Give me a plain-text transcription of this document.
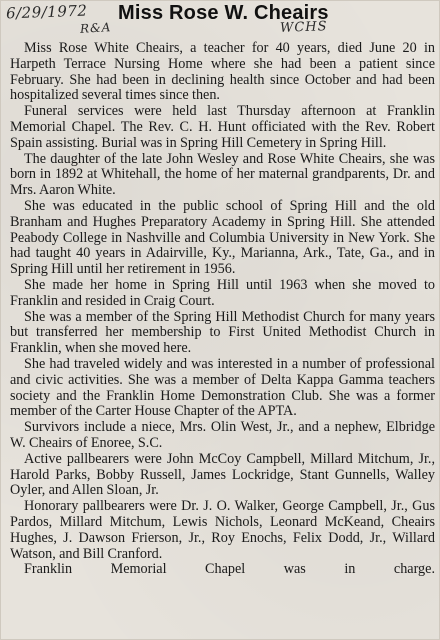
6/29/1972
R&A	WCHS
Miss Rose W. Cheairs

Miss Rose White Cheairs, a teacher for 40 years, died June 20 in Harpeth Terrace Nursing Home where she had been a patient since February. She had been in declining health since October and had been hospitalized several times since then.

Funeral services were held last Thursday afternoon at Franklin Memorial Chapel. The Rev. C. H. Hunt officiated with the Rev. Robert Spain assisting. Burial was in Spring Hill Cemetery in Spring Hill.

The daughter of the late John Wesley and Rose White Cheairs, she was born in 1892 at Whitehall, the home of her maternal grandparents, Dr. and Mrs. Aaron White.

She was educated in the public school of Spring Hill and the old Branham and Hughes Preparatory Academy in Spring Hill. She attended Peabody College in Nashville and Columbia University in New York. She had taught 40 years in Adairville, Ky., Marianna, Ark., Tate, Ga., and in Spring Hill until her retirement in 1956.

She made her home in Spring Hill until 1963 when she moved to Franklin and resided in Craig Court.

She was a member of the Spring Hill Methodist Church for many years but transferred her membership to First United Methodist Church in Franklin, when she moved here.

She had traveled widely and was interested in a number of professional and civic activities. She was a member of Delta Kappa Gamma teachers society and the Franklin Home Demonstration Club. She was a former member of the Carter House Chapter of the APTA.

Survivors include a niece, Mrs. Olin West, Jr., and a nephew, Elbridge W. Cheairs of Enoree, S.C.

Active pallbearers were John McCoy Campbell, Millard Mitchum, Jr., Harold Parks, Bobby Russell, James Lockridge, Stant Gunnells, Walley Oyler, and Allen Sloan, Jr.

Honorary pallbearers were Dr. J. O. Walker, George Campbell, Jr., Gus Pardos, Millard Mitchum, Lewis Nichols, Leonard McKeand, Cheairs Hughes, J. Dawson Frierson, Jr., Roy Enochs, Felix Dodd, Jr., Willard Watson, and Bill Cranford.

Franklin Memorial Chapel was in charge.
